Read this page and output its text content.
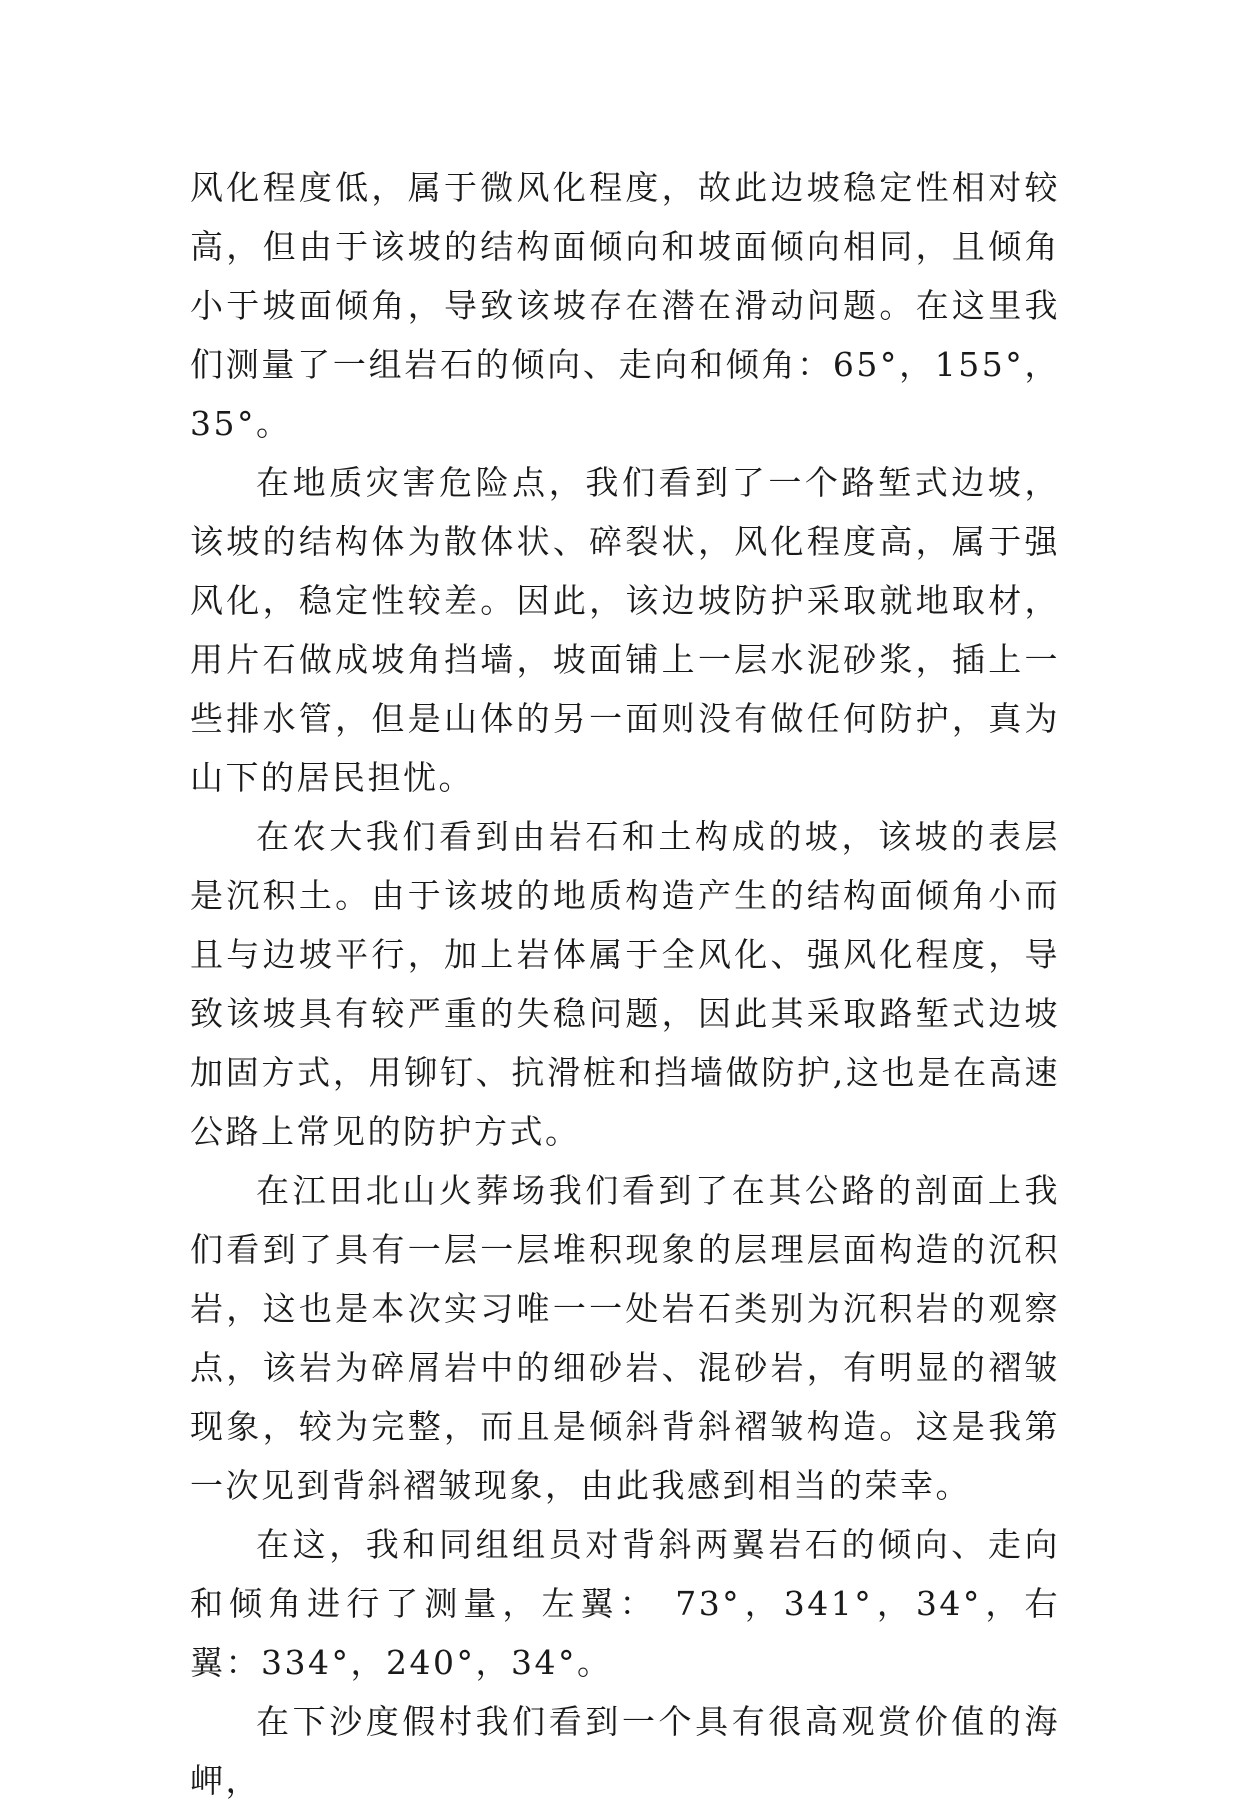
风化程度低，属于微风化程度，故此边坡稳定性相对较高，但由于该坡的结构面倾向和坡面倾向相同，且倾角小于坡面倾角，导致该坡存在潜在滑动问题。在这里我们测量了一组岩石的倾向、走向和倾角：65°，155°，35°。

在地质灾害危险点，我们看到了一个路堑式边坡，该坡的结构体为散体状、碎裂状，风化程度高，属于强风化，稳定性较差。因此，该边坡防护采取就地取材，用片石做成坡角挡墙，坡面铺上一层水泥砂浆，插上一些排水管，但是山体的另一面则没有做任何防护，真为山下的居民担忧。

在农大我们看到由岩石和土构成的坡，该坡的表层是沉积土。由于该坡的地质构造产生的结构面倾角小而且与边坡平行，加上岩体属于全风化、强风化程度，导致该坡具有较严重的失稳问题，因此其采取路堑式边坡加固方式，用铆钉、抗滑桩和挡墙做防护,这也是在高速公路上常见的防护方式。

在江田北山火葬场我们看到了在其公路的剖面上我们看到了具有一层一层堆积现象的层理层面构造的沉积岩，这也是本次实习唯一一处岩石类别为沉积岩的观察点，该岩为碎屑岩中的细砂岩、混砂岩，有明显的褶皱现象，较为完整，而且是倾斜背斜褶皱构造。这是我第一次见到背斜褶皱现象，由此我感到相当的荣幸。

在这，我和同组组员对背斜两翼岩石的倾向、走向和倾角进行了测量，左翼： 73°，341°，34°，右翼：334°，240°，34°。

在下沙度假村我们看到一个具有很高观赏价值的海岬，
